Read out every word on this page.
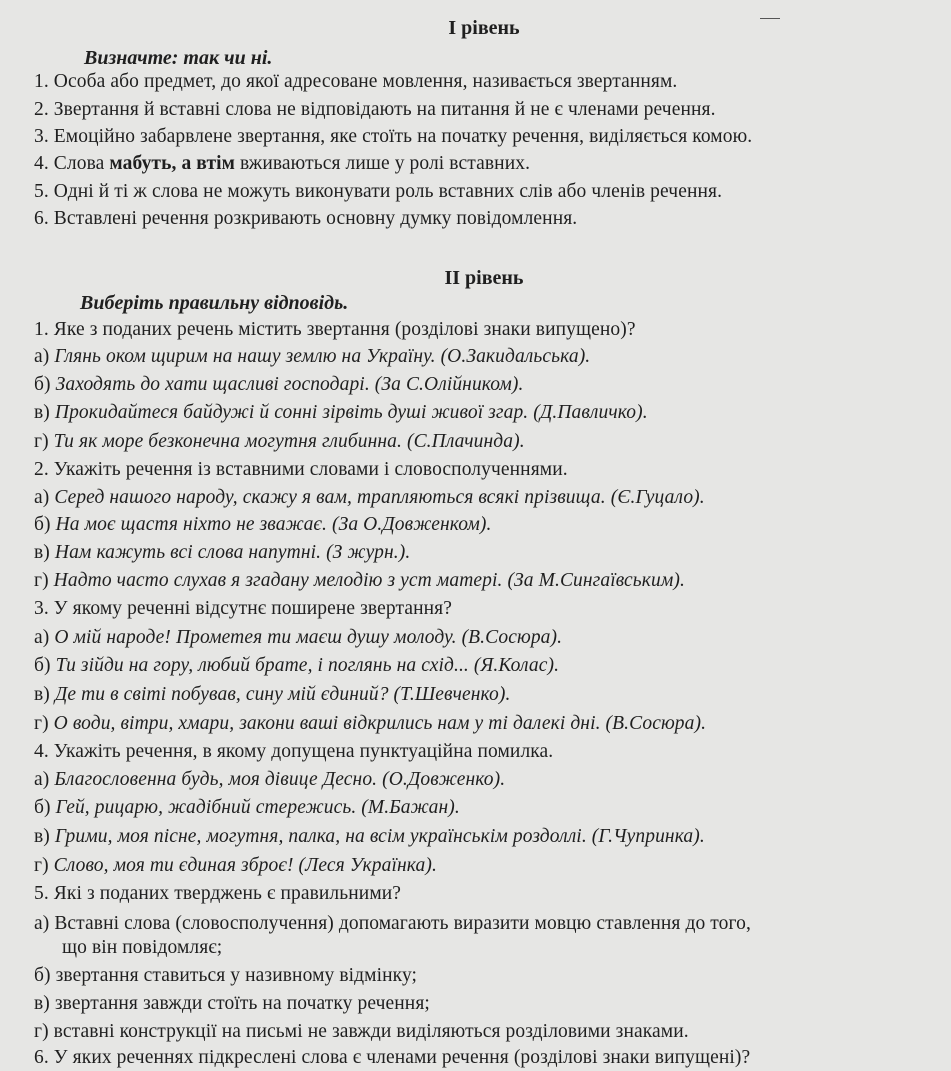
I рівень
Визначте: так чи ні.
1. Особа або предмет, до якої адресоване мовлення, називається звертанням.
2. Звертання й вставні слова не відповідають на питання й не є членами речення.
3. Емоційно забарвлене звертання, яке стоїть на початку речення, виділяється комою.
4. Слова мабуть, а втім вживаються лише у ролі вставних.
5. Одні й ті ж слова не можуть виконувати роль вставних слів або членів речення.
6. Вставлені речення розкривають основну думку повідомлення.
II рівень
Виберіть правильну відповідь.
1. Яке з поданих речень містить звертання (розділові знаки випущено)?
а) Глянь оком щирим на нашу землю на Україну. (О.Закидальська).
б) Заходять до хати щасливі господарі. (За С.Олійником).
в) Прокидайтеся байдужі й сонні зірвіть душі живої згар. (Д.Павличко).
г) Ти як море безконечна могутня глибинна. (С.Плачинда).
2. Укажіть речення із вставними словами і словосполученнями.
а) Серед нашого народу, скажу я вам, трапляються всякі прізвища. (Є.Гуцало).
б) На моє щастя ніхто не зважає. (За О.Довженком).
в) Нам кажуть всі слова напутні. (З журн.).
г) Надто часто слухав я згадану мелодію з уст матері. (За М.Сингаївським).
3. У якому реченні відсутнє поширене звертання?
а) О мій народе! Прометея ти маєш душу молоду. (В.Сосюра).
б) Ти зійди на гору, любий брате, і поглянь на схід... (Я.Колас).
в) Де ти в світі побував, сину мій єдиний? (Т.Шевченко).
г) О води, вітри, хмари, закони ваші відкрились нам у ті далекі дні. (В.Сосюра).
4. Укажіть речення, в якому допущена пунктуаційна помилка.
а) Благословенна будь, моя дівице Десно. (О.Довженко).
б) Гей, рицарю, жадібний стережись. (М.Бажан).
в) Грими, моя пісне, могутня, палка, на всім українськім роздоллі. (Г.Чупринка).
г) Слово, моя ти єдиная зброє! (Леся Українка).
5. Які з поданих тверджень є правильними?
а) Вставні слова (словосполучення) допомагають виразити мовцю ставлення до того,
що він повідомляє;
б) звертання ставиться у називному відмінку;
в) звертання завжди стоїть на початку речення;
г) вставні конструкції на письмі не завжди виділяються розділовими знаками.
6. У яких реченнях підкреслені слова є членами речення (розділові знаки випущені)?
